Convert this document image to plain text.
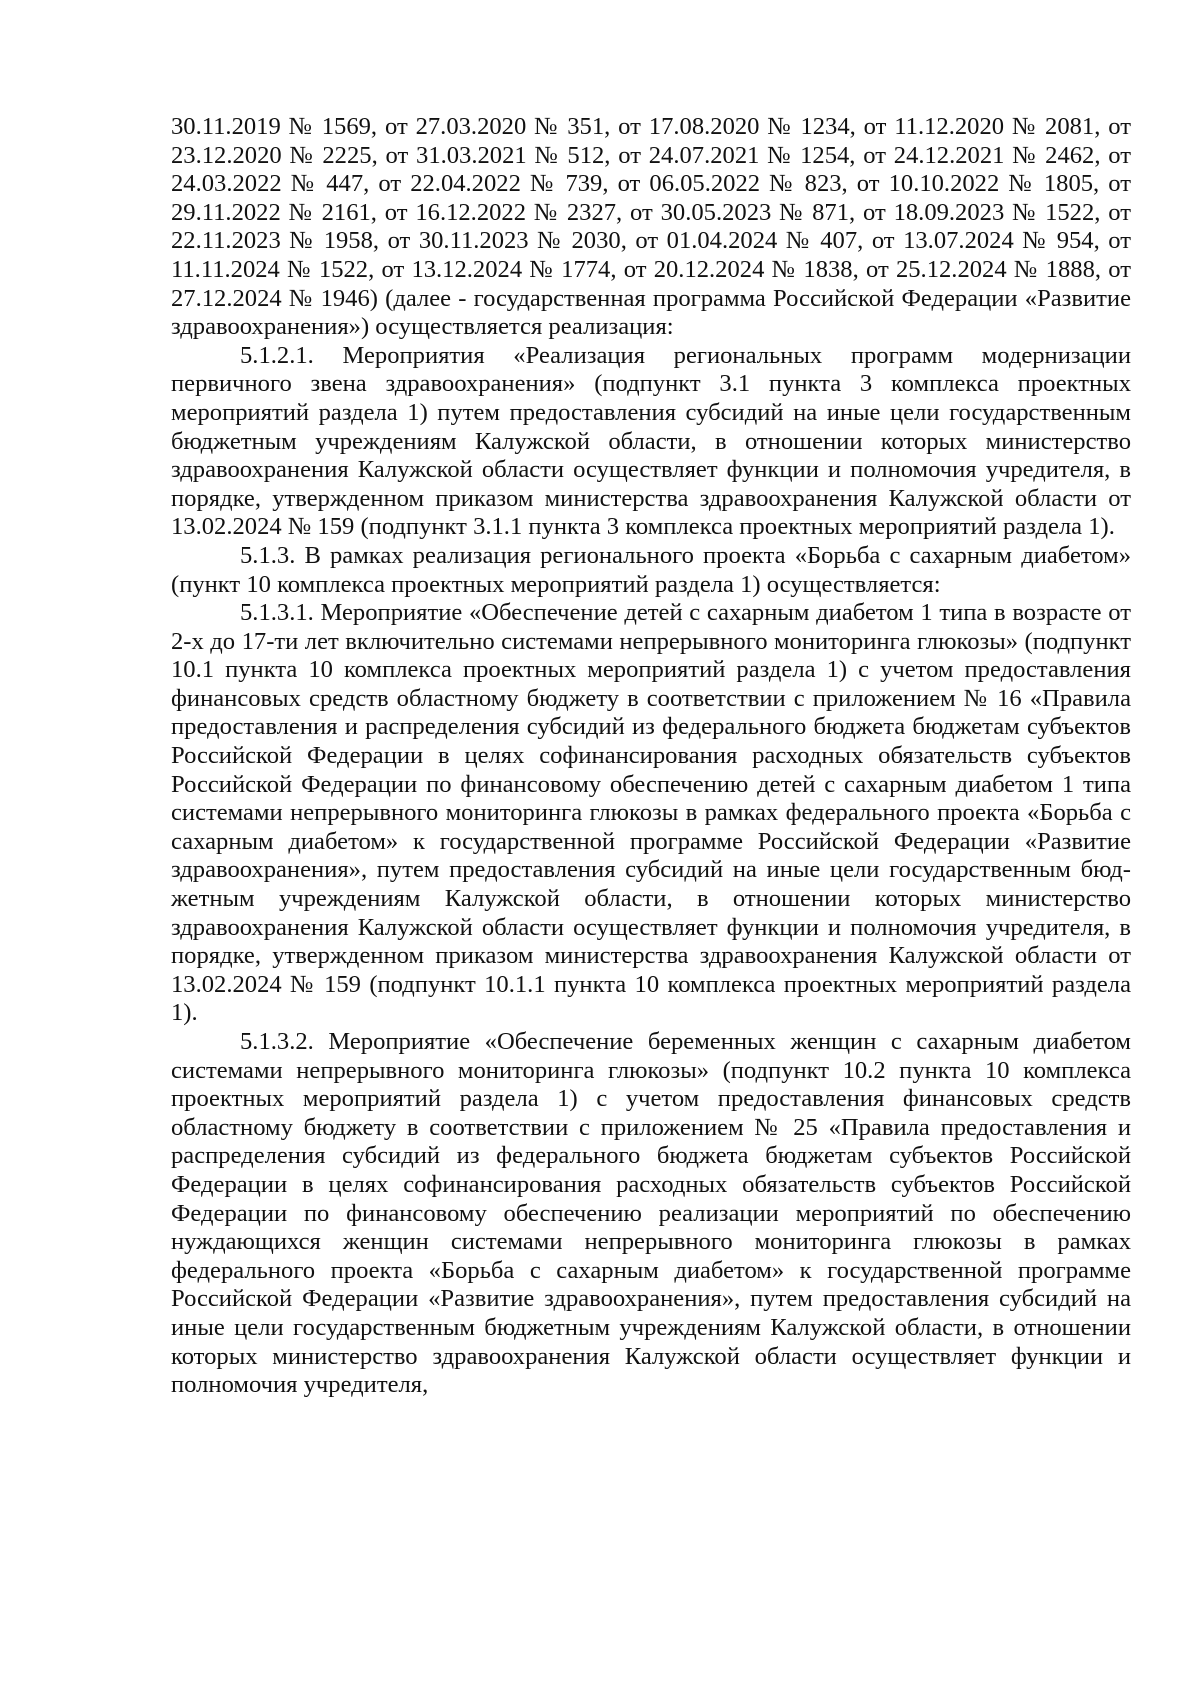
30.11.2019 № 1569, от 27.03.2020 № 351, от 17.08.2020 № 1234, от 11.12.2020 № 2081, от 23.12.2020 № 2225, от 31.03.2021 № 512, от 24.07.2021 № 1254, от 24.12.2021 № 2462, от 24.03.2022 № 447, от 22.04.2022 № 739, от 06.05.2022 № 823, от 10.10.2022 № 1805, от 29.11.2022 № 2161, от 16.12.2022 № 2327, от 30.05.2023 № 871, от 18.09.2023 № 1522, от 22.11.2023 № 1958, от 30.11.2023 № 2030, от 01.04.2024 № 407, от 13.07.2024 № 954, от 11.11.2024 № 1522, от 13.12.2024 № 1774, от 20.12.2024 № 1838, от 25.12.2024 № 1888, от 27.12.2024 № 1946) (далее - государственная программа Российской Федерации «Развитие здравоохранения») осуществляется реализация:

5.1.2.1. Мероприятия «Реализация региональных программ модернизации первичного звена здравоохранения» (подпункт 3.1 пункта 3 комплекса проектных мероприятий раздела 1) путем предоставления субсидий на иные цели государственным бюджетным учреждениям Калужской области, в отношении которых министерство здравоохранения Калужской области осуществляет функции и полномочия учредителя, в порядке, утвержденном приказом министерства здравоохранения Калужской области от 13.02.2024 № 159 (подпункт 3.1.1 пункта 3 комплекса проектных мероприятий раздела 1).

5.1.3. В рамках реализация регионального проекта «Борьба с сахарным диабетом» (пункт 10 комплекса проектных мероприятий раздела 1) осуществляется:

5.1.3.1. Мероприятие «Обеспечение детей с сахарным диабетом 1 типа в возрасте от 2-х до 17-ти лет включительно системами непрерывного мониторинга глюкозы» (подпункт 10.1 пункта 10 комплекса проектных мероприятий раздела 1) с учетом предоставления финансовых средств областному бюджету в соответствии с приложением № 16 «Правила предоставления и распределения субсидий из федерального бюджета бюджетам субъектов Российской Федерации в целях софинансирования расходных обязательств субъектов Российской Федерации по финансовому обеспечению детей с сахарным диабетом 1 типа системами непрерывного мониторинга глюкозы в рамках федерального проекта «Борьба с сахарным диабетом» к государственной программе Российской Федерации «Развитие здравоохранения», путем предоставления субсидий на иные цели государственным бюджетным учреждениям Калужской области, в отношении которых министерство здравоохранения Калужской области осуществляет функции и полномочия учредителя, в порядке, утвержденном приказом министерства здравоохранения Калужской области от 13.02.2024 № 159 (подпункт 10.1.1 пункта 10 комплекса проектных мероприятий раздела 1).

5.1.3.2. Мероприятие «Обеспечение беременных женщин с сахарным диабетом системами непрерывного мониторинга глюкозы» (подпункт 10.2 пункта 10 комплекса проектных мероприятий раздела 1) с учетом предоставления финансовых средств областному бюджету в соответствии с приложением № 25 «Правила предоставления и распределения субсидий из федерального бюджета бюджетам субъектов Российской Федерации в целях софинансирования расходных обязательств субъектов Российской Федерации по финансовому обеспечению реализации мероприятий по обеспечению нуждающихся женщин системами непрерывного мониторинга глюкозы в рамках федерального проекта «Борьба с сахарным диабетом» к государственной программе Российской Федерации «Развитие здравоохранения», путем предоставления субсидий на иные цели государственным бюджетным учреждениям Калужской области, в отношении которых министерство здравоохранения Калужской области осуществляет функции и полномочия учредителя,
